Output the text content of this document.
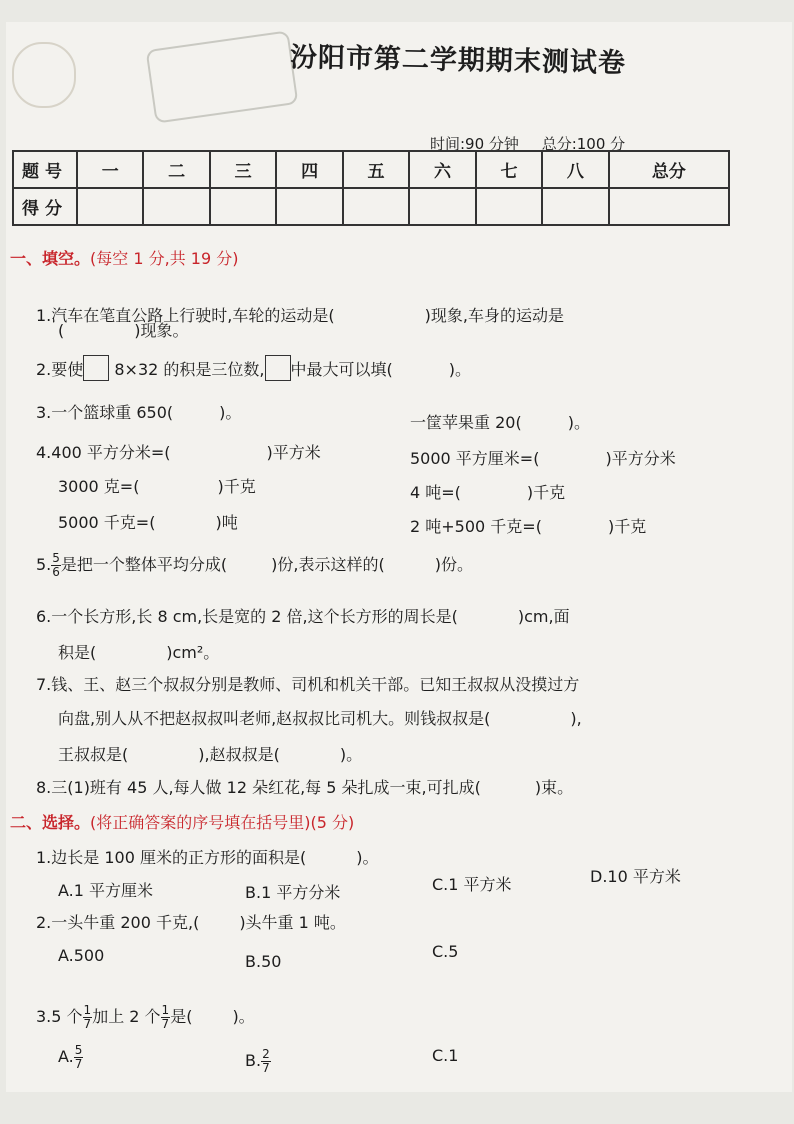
汾阳市第二学期期末测试卷
时间:90 分钟 总分:100 分
题号	一	二	三	四	五	六	七	八	总分
得分									
一、填空。(每空 1 分,共 19 分)
1.汽车在笔直公路上行驶时,车轮的运动是(	)现象,车身的运动是
(	)现象。
2.要使 8×32 的积是三位数, 中最大可以填(	)。
3.一个篮球重 650(	)。
一筐苹果重 20(	)。
4.400 平方分米=(	)平方米	5000 平方厘米=(	)平方分米
3000 克=(	)千克	4 吨=(	)千克
5000 千克=(	)吨	2 吨+500 千克=(	)千克
5. $\frac{5}{6}$ 是把一个整体平均分成(	)份,表示这样的(	)份。
6.一个长方形,长 8 cm,长是宽的 2 倍,这个长方形的周长是(	)cm,面
积是(	)cm²。
7.钱、王、赵三个叔叔分别是教师、司机和机关干部。已知王叔叔从没摸过方
向盘,别人从不把赵叔叔叫老师,赵叔叔比司机大。则钱叔叔是(	),
王叔叔是(	),赵叔叔是(	)。
8.三(1)班有 45 人,每人做 12 朵红花,每 5 朵扎成一束,可扎成(	)束。
二、选择。(将正确答案的序号填在括号里)(5 分)
1.边长是 100 厘米的正方形的面积是(	)。
A.1 平方厘米	B.1 平方分米	C.1 平方米	D.10 平方米
2.一头牛重 200 千克,(	)头牛重 1 吨。
A.500	B.50
C.5
3.5 个 $\frac{1}{7}$ 加上 2 个 $\frac{1}{7}$ 是(	)。
A. $\frac{5}{7}$	B. $\frac{2}{7}$	C.1
